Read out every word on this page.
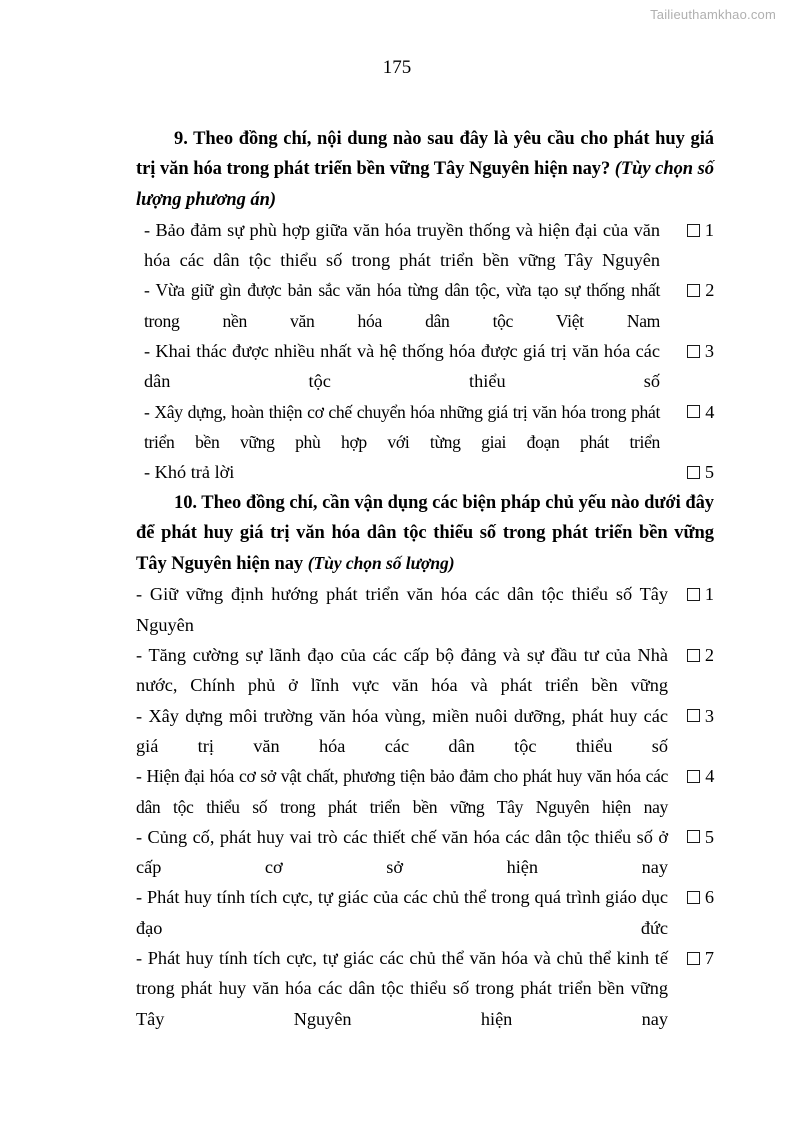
Tailieuthamkhao.com
175

9. Theo đồng chí, nội dung nào sau đây là yêu cầu cho phát huy giá trị văn hóa trong phát triển bền vững Tây Nguyên hiện nay? (Tùy chọn số lượng phương án)

- Bảo đảm sự phù hợp giữa văn hóa truyền thống và hiện đại của văn hóa các dân tộc thiểu số trong phát triển bền vững Tây Nguyên
1
- Vừa giữ gìn được bản sắc văn hóa từng dân tộc, vừa tạo sự thống nhất trong nền văn hóa dân tộc Việt Nam
2
- Khai thác được nhiều nhất và hệ thống hóa được giá trị văn hóa các dân tộc thiểu số
3
- Xây dựng, hoàn thiện cơ chế chuyển hóa những giá trị văn hóa trong phát triển bền vững phù hợp với từng giai đoạn phát triển
4
- Khó trả lời	5

10. Theo đồng chí, cần vận dụng các biện pháp chủ yếu nào dưới đây để phát huy giá trị văn hóa dân tộc thiểu số trong phát triển bền vững Tây Nguyên hiện nay (Tùy chọn số lượng)

- Giữ vững định hướng phát triển văn hóa các dân tộc thiểu số Tây Nguyên
1
- Tăng cường sự lãnh đạo của các cấp bộ đảng và sự đầu tư của Nhà nước, Chính phủ ở lĩnh vực văn hóa và phát triển bền vững
2
- Xây dựng môi trường văn hóa vùng, miền nuôi dưỡng, phát huy các giá trị văn hóa các dân tộc thiểu số
3
- Hiện đại hóa cơ sở vật chất, phương tiện bảo đảm cho phát huy văn hóa các dân tộc thiểu số trong phát triển bền vững Tây Nguyên hiện nay
4
- Củng cố, phát huy vai trò các thiết chế văn hóa các dân tộc thiểu số ở cấp cơ sở hiện nay
5
- Phát huy tính tích cực, tự giác của các chủ thể trong quá trình giáo dục đạo đức
6
- Phát huy tính tích cực, tự giác các chủ thể văn hóa và chủ thể kinh tế trong phát huy văn hóa các dân tộc thiểu số trong phát triển bền vững Tây Nguyên hiện nay
7
